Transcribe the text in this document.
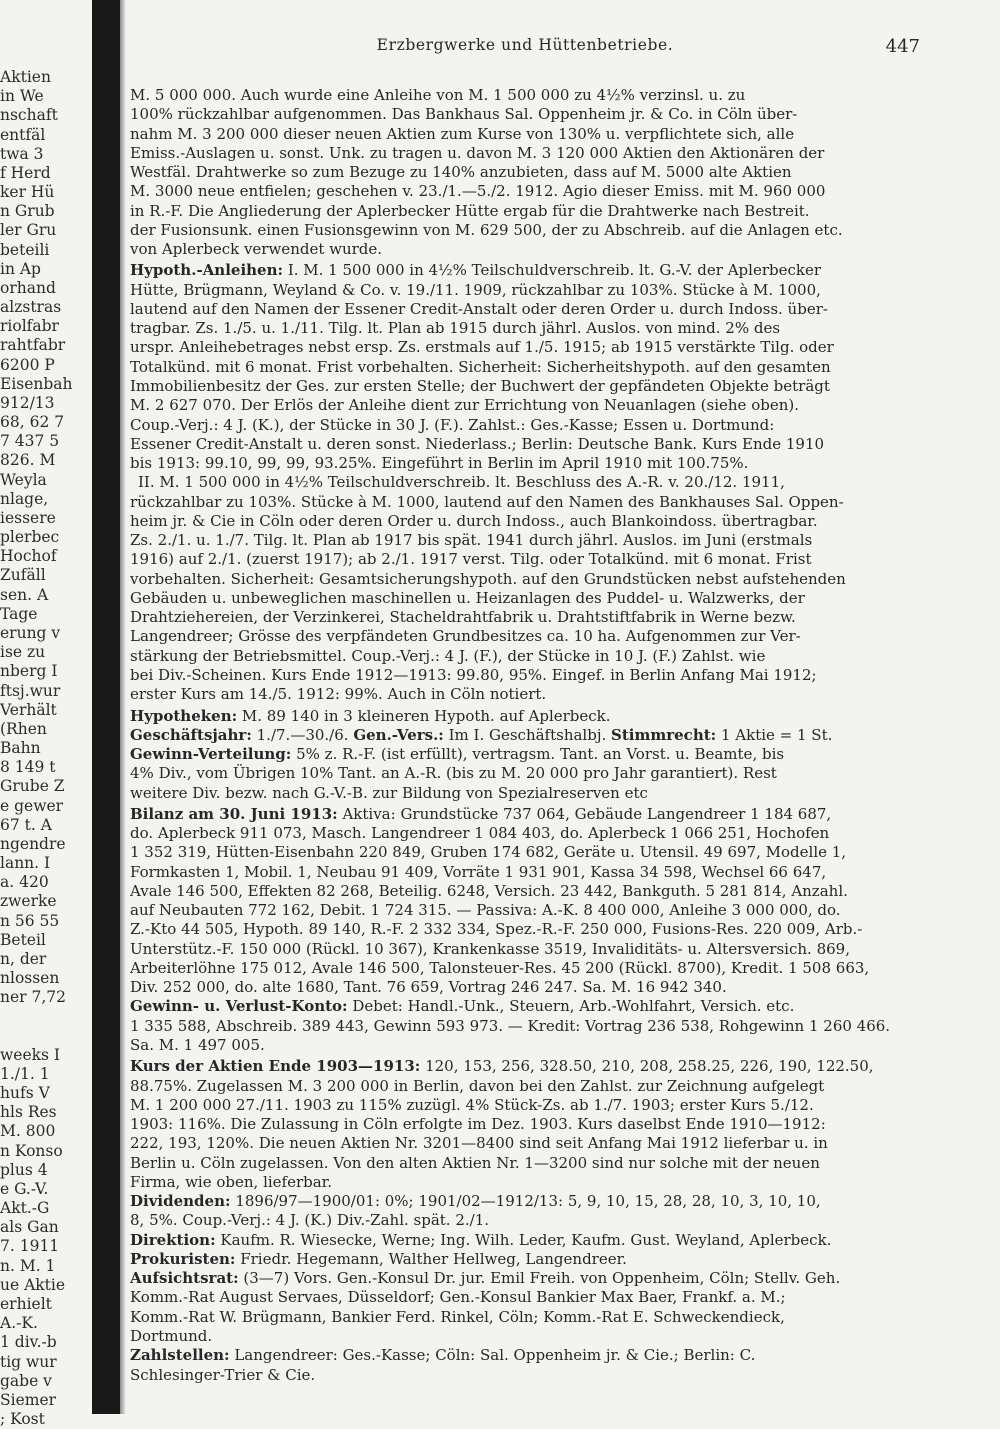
Aktien
in We
nschaft
entfäl
twa 3
f Herd
ker Hü
n Grub
ler Gru
beteili
in Ap
orhand
alzstras
riolfabr
rahtfabr
6200 P
Eisenbah
912/13
68, 62 7
7 437 5
826. M
Weyla
nlage,
iessere
plerbec
Hochof
Zufäll
sen. A
Tage
erung v
ise zu
nberg I
ftsj.wur
Verhält
(Rhen
Bahn
8 149 t
Grube Z
e gewer
67 t. A
ngendre
lann. I
a. 420
zwerke
n 56 55
Beteil
n, der
nlossen
ner 7,72
weeks I
1./1. 1
hufs V
hls Res
M. 800
n Konso
plus 4
e G.-V.
Akt.-G
als Gan
7. 1911
n. M. 1
ue Aktie
erhielt
A.-K.
1 div.-b
tig wur
gabe v
Siemer
; Kost
Erzbergwerke und Hüttenbetriebe.	447
M. 5 000 000. Auch wurde eine Anleihe von M. 1 500 000 zu 4½% verzinsl. u. zu
100% rückzahlbar aufgenommen. Das Bankhaus Sal. Oppenheim jr. & Co. in Cöln über-
nahm M. 3 200 000 dieser neuen Aktien zum Kurse von 130% u. verpflichtete sich, alle
Emiss.-Auslagen u. sonst. Unk. zu tragen u. davon M. 3 120 000 Aktien den Aktionären der
Westfäl. Drahtwerke so zum Bezuge zu 140% anzubieten, dass auf M. 5000 alte Aktien
M. 3000 neue entfielen; geschehen v. 23./1.—5./2. 1912. Agio dieser Emiss. mit M. 960 000
in R.-F. Die Angliederung der Aplerbecker Hütte ergab für die Drahtwerke nach Bestreit.
der Fusionsunk. einen Fusionsgewinn von M. 629 500, der zu Abschreib. auf die Anlagen etc.
von Aplerbeck verwendet wurde.
Hypoth.-Anleihen: I. M. 1 500 000 in 4½% Teilschuldverschreib. lt. G.-V. der Aplerbecker
Hütte, Brügmann, Weyland & Co. v. 19./11. 1909, rückzahlbar zu 103%. Stücke à M. 1000,
lautend auf den Namen der Essener Credit-Anstalt oder deren Order u. durch Indoss. über-
tragbar. Zs. 1./5. u. 1./11. Tilg. lt. Plan ab 1915 durch jährl. Auslos. von mind. 2% des
urspr. Anleihebetrages nebst ersp. Zs. erstmals auf 1./5. 1915; ab 1915 verstärkte Tilg. oder
Totalkünd. mit 6 monat. Frist vorbehalten. Sicherheit: Sicherheitshypoth. auf den gesamten
Immobilienbesitz der Ges. zur ersten Stelle; der Buchwert der gepfändeten Objekte beträgt
M. 2 627 070. Der Erlös der Anleihe dient zur Errichtung von Neuanlagen (siehe oben).
Coup.-Verj.: 4 J. (K.), der Stücke in 30 J. (F.). Zahlst.: Ges.-Kasse; Essen u. Dortmund:
Essener Credit-Anstalt u. deren sonst. Niederlass.; Berlin: Deutsche Bank. Kurs Ende 1910
bis 1913: 99.10, 99, 99, 93.25%. Eingeführt in Berlin im April 1910 mit 100.75%.
II. M. 1 500 000 in 4½% Teilschuldverschreib. lt. Beschluss des A.-R. v. 20./12. 1911,
rückzahlbar zu 103%. Stücke à M. 1000, lautend auf den Namen des Bankhauses Sal. Oppen-
heim jr. & Cie in Cöln oder deren Order u. durch Indoss., auch Blankoindoss. übertragbar.
Zs. 2./1. u. 1./7. Tilg. lt. Plan ab 1917 bis spät. 1941 durch jährl. Auslos. im Juni (erstmals
1916) auf 2./1. (zuerst 1917); ab 2./1. 1917 verst. Tilg. oder Totalkünd. mit 6 monat. Frist
vorbehalten. Sicherheit: Gesamtsicherungshypoth. auf den Grundstücken nebst aufstehenden
Gebäuden u. unbeweglichen maschinellen u. Heizanlagen des Puddel- u. Walzwerks, der
Drahtziehereien, der Verzinkerei, Stacheldrahtfabrik u. Drahtstiftfabrik in Werne bezw.
Langendreer; Grösse des verpfändeten Grundbesitzes ca. 10 ha. Aufgenommen zur Ver-
stärkung der Betriebsmittel. Coup.-Verj.: 4 J. (F.), der Stücke in 10 J. (F.) Zahlst. wie
bei Div.-Scheinen. Kurs Ende 1912—1913: 99.80, 95%. Eingef. in Berlin Anfang Mai 1912;
erster Kurs am 14./5. 1912: 99%. Auch in Cöln notiert.
Hypotheken: M. 89 140 in 3 kleineren Hypoth. auf Aplerbeck.
Geschäftsjahr: 1./7.—30./6. Gen.-Vers.: Im I. Geschäftshalbj. Stimmrecht: 1 Aktie = 1 St.
Gewinn-Verteilung: 5% z. R.-F. (ist erfüllt), vertragsm. Tant. an Vorst. u. Beamte, bis
4% Div., vom Übrigen 10% Tant. an A.-R. (bis zu M. 20 000 pro Jahr garantiert). Rest
weitere Div. bezw. nach G.-V.-B. zur Bildung von Spezialreserven etc
Bilanz am 30. Juni 1913: Aktiva: Grundstücke 737 064, Gebäude Langendreer 1 184 687,
do. Aplerbeck 911 073, Masch. Langendreer 1 084 403, do. Aplerbeck 1 066 251, Hochofen
1 352 319, Hütten-Eisenbahn 220 849, Gruben 174 682, Geräte u. Utensil. 49 697, Modelle 1,
Formkasten 1, Mobil. 1, Neubau 91 409, Vorräte 1 931 901, Kassa 34 598, Wechsel 66 647,
Avale 146 500, Effekten 82 268, Beteilig. 6248, Versich. 23 442, Bankguth. 5 281 814, Anzahl.
auf Neubauten 772 162, Debit. 1 724 315. — Passiva: A.-K. 8 400 000, Anleihe 3 000 000, do.
Z.-Kto 44 505, Hypoth. 89 140, R.-F. 2 332 334, Spez.-R.-F. 250 000, Fusions-Res. 220 009, Arb.-
Unterstütz.-F. 150 000 (Rückl. 10 367), Krankenkasse 3519, Invaliditäts- u. Altersversich. 869,
Arbeiterlöhne 175 012, Avale 146 500, Talonsteuer-Res. 45 200 (Rückl. 8700), Kredit. 1 508 663,
Div. 252 000, do. alte 1680, Tant. 76 659, Vortrag 246 247. Sa. M. 16 942 340.
Gewinn- u. Verlust-Konto: Debet: Handl.-Unk., Steuern, Arb.-Wohlfahrt, Versich. etc.
1 335 588, Abschreib. 389 443, Gewinn 593 973. — Kredit: Vortrag 236 538, Rohgewinn 1 260 466.
Sa. M. 1 497 005.
Kurs der Aktien Ende 1903—1913: 120, 153, 256, 328.50, 210, 208, 258.25, 226, 190, 122.50,
88.75%. Zugelassen M. 3 200 000 in Berlin, davon bei den Zahlst. zur Zeichnung aufgelegt
M. 1 200 000 27./11. 1903 zu 115% zuzügl. 4% Stück-Zs. ab 1./7. 1903; erster Kurs 5./12.
1903: 116%. Die Zulassung in Cöln erfolgte im Dez. 1903. Kurs daselbst Ende 1910—1912:
222, 193, 120%. Die neuen Aktien Nr. 3201—8400 sind seit Anfang Mai 1912 lieferbar u. in
Berlin u. Cöln zugelassen. Von den alten Aktien Nr. 1—3200 sind nur solche mit der neuen
Firma, wie oben, lieferbar.
Dividenden: 1896/97—1900/01: 0%; 1901/02—1912/13: 5, 9, 10, 15, 28, 28, 10, 3, 10, 10,
8, 5%. Coup.-Verj.: 4 J. (K.) Div.-Zahl. spät. 2./1.
Direktion: Kaufm. R. Wiesecke, Werne; Ing. Wilh. Leder, Kaufm. Gust. Weyland, Aplerbeck.
Prokuristen: Friedr. Hegemann, Walther Hellweg, Langendreer.
Aufsichtsrat: (3—7) Vors. Gen.-Konsul Dr. jur. Emil Freih. von Oppenheim, Cöln; Stellv. Geh.
Komm.-Rat August Servaes, Düsseldorf; Gen.-Konsul Bankier Max Baer, Frankf. a. M.;
Komm.-Rat W. Brügmann, Bankier Ferd. Rinkel, Cöln; Komm.-Rat E. Schweckendieck,
Dortmund.
Zahlstellen: Langendreer: Ges.-Kasse; Cöln: Sal. Oppenheim jr. & Cie.; Berlin: C.
Schlesinger-Trier & Cie.
